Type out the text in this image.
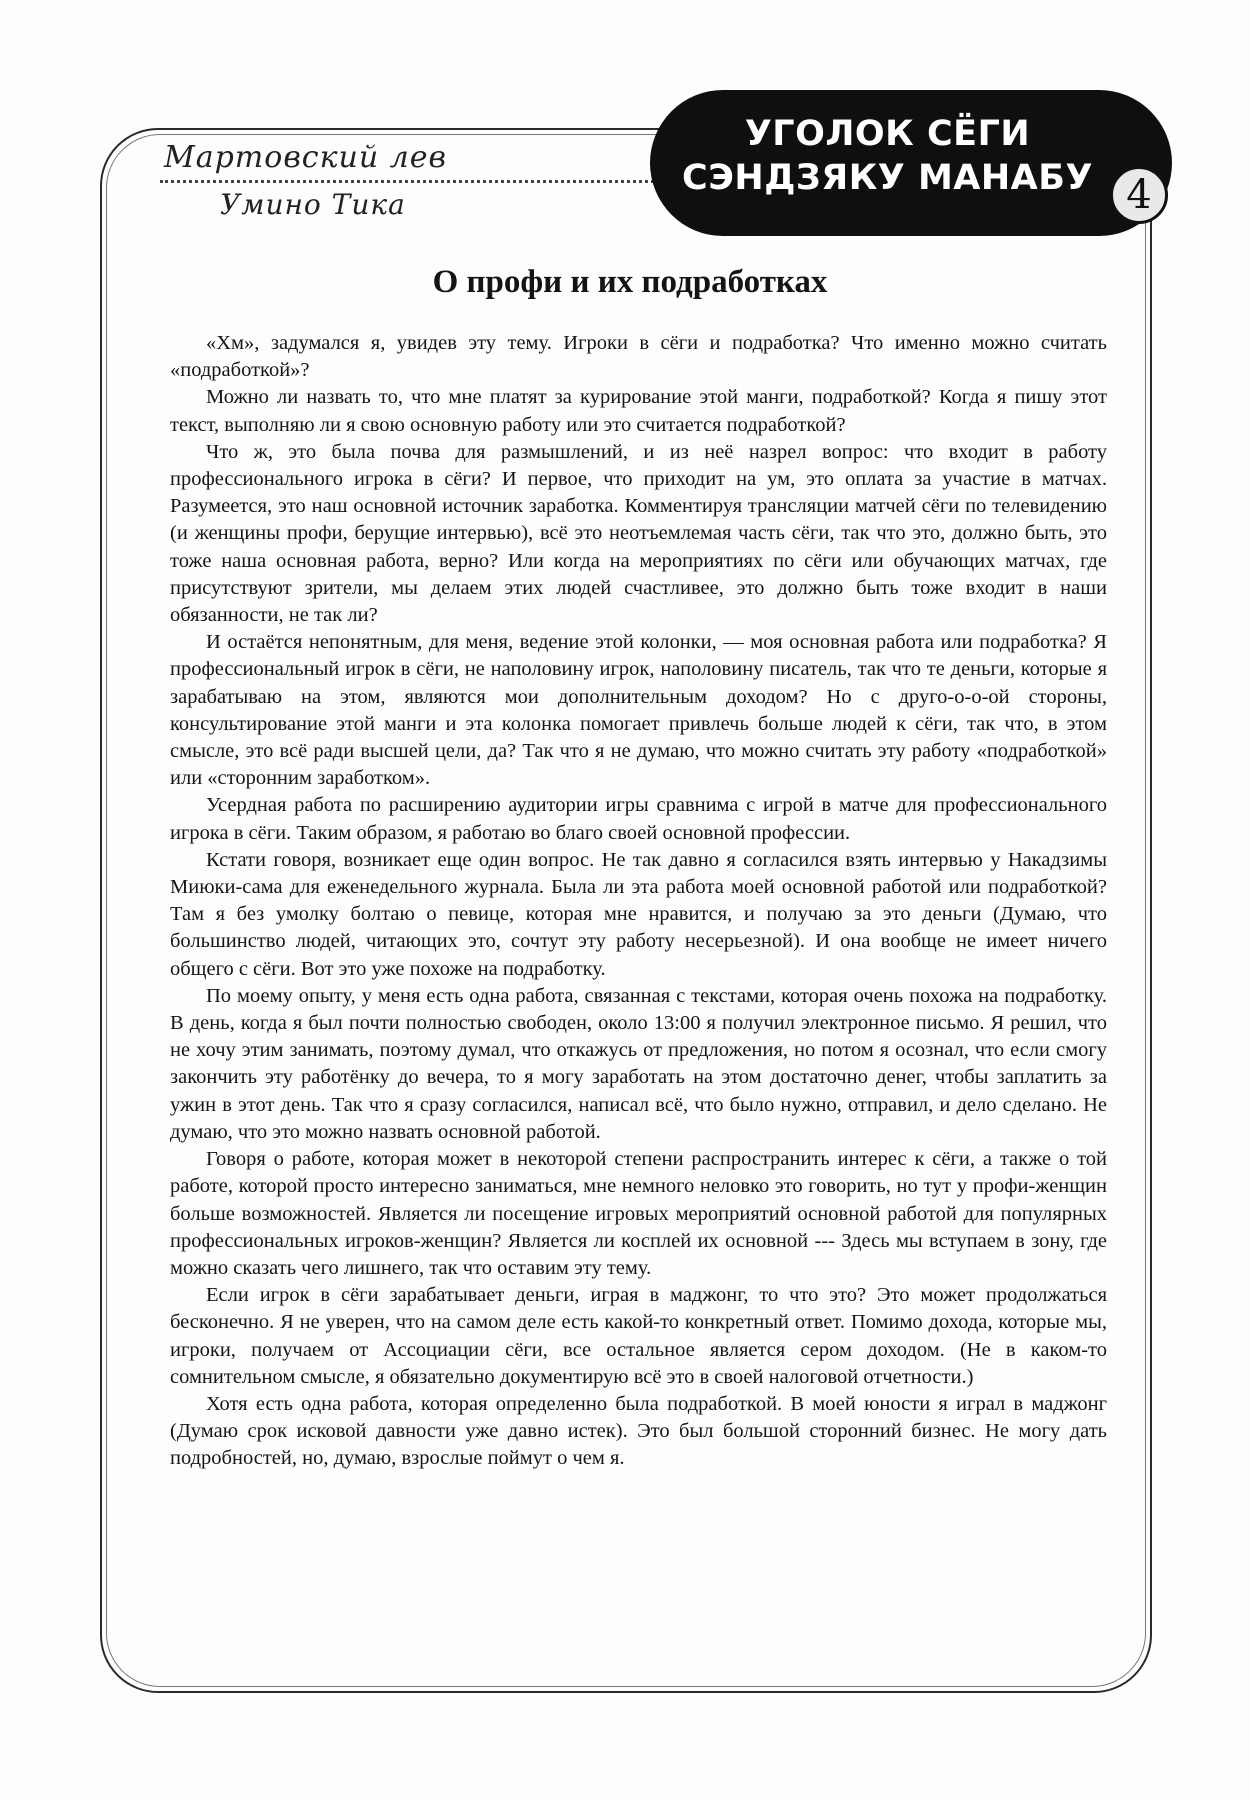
Мартовский лев
Умино Тика
УГОЛОК СЁГИ
СЭНДЗЯКУ МАНАБУ 4
О профи и их подработках

«Хм», задумался я, увидев эту тему. Игроки в сёги и подработка? Что именно можно считать «подработкой»?

Можно ли назвать то, что мне платят за курирование этой манги, подработкой? Когда я пишу этот текст, выполняю ли я свою основную работу или это считается подработкой?

Что ж, это была почва для размышлений, и из неё назрел вопрос: что входит в работу профессионального игрока в сёги? И первое, что приходит на ум, это оплата за участие в матчах. Разумеется, это наш основной источник заработка. Комментируя трансляции матчей сёги по телевидению (и женщины профи, берущие интервью), всё это неотъемлемая часть сёги, так что это, должно быть, это тоже наша основная работа, верно? Или когда на мероприятиях по сёги или обучающих матчах, где присутствуют зрители, мы делаем этих людей счастливее, это должно быть тоже входит в наши обязанности, не так ли?

И остаётся непонятным, для меня, ведение этой колонки, — моя основная работа или подработка? Я профессиональный игрок в сёги, не наполовину игрок, наполовину писатель, так что те деньги, которые я зарабатываю на этом, являются мои дополнительным доходом? Но с друго-о-о-ой стороны, консультирование этой манги и эта колонка помогает привлечь больше людей к сёги, так что, в этом смысле, это всё ради высшей цели, да? Так что я не думаю, что можно считать эту работу «подработкой» или «сторонним заработком».

Усердная работа по расширению аудитории игры сравнима с игрой в матче для профессионального игрока в сёги. Таким образом, я работаю во благо своей основной профессии.

Кстати говоря, возникает еще один вопрос. Не так давно я согласился взять интервью у Накадзимы Миюки-сама для еженедельного журнала. Была ли эта работа моей основной работой или подработкой? Там я без умолку болтаю о певице, которая мне нравится, и получаю за это деньги (Думаю, что большинство людей, читающих это, сочтут эту работу несерьезной). И она вообще не имеет ничего общего с сёги. Вот это уже похоже на подработку.

По моему опыту, у меня есть одна работа, связанная с текстами, которая очень похожа на подработку. В день, когда я был почти полностью свободен, около 13:00 я получил электронное письмо. Я решил, что не хочу этим занимать, поэтому думал, что откажусь от предложения, но потом я осознал, что если смогу закончить эту работёнку до вечера, то я могу заработать на этом достаточно денег, чтобы заплатить за ужин в этот день. Так что я сразу согласился, написал всё, что было нужно, отправил, и дело сделано. Не думаю, что это можно назвать основной работой.

Говоря о работе, которая может в некоторой степени распространить интерес к сёги, а также о той работе, которой просто интересно заниматься, мне немного неловко это говорить, но тут у профи-женщин больше возможностей. Является ли посещение игровых мероприятий основной работой для популярных профессиональных игроков-женщин? Является ли косплей их основной --- Здесь мы вступаем в зону, где можно сказать чего лишнего, так что оставим эту тему.

Если игрок в сёги зарабатывает деньги, играя в маджонг, то что это? Это может продолжаться бесконечно. Я не уверен, что на самом деле есть какой-то конкретный ответ. Помимо дохода, которые мы, игроки, получаем от Ассоциации сёги, все остальное является сером доходом. (Не в каком-то сомнительном смысле, я обязательно документирую всё это в своей налоговой отчетности.)

Хотя есть одна работа, которая определенно была подработкой. В моей юности я играл в маджонг (Думаю срок исковой давности уже давно истек). Это был большой сторонний бизнес. Не могу дать подробностей, но, думаю, взрослые поймут о чем я.
